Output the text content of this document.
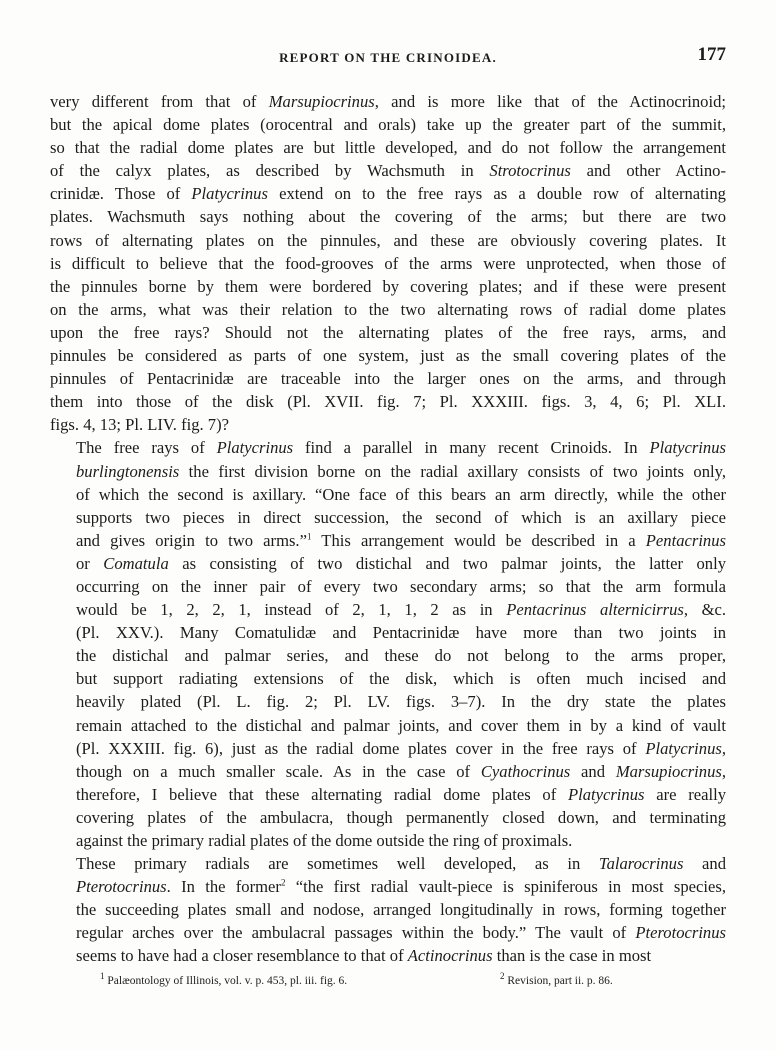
REPORT ON THE CRINOIDEA.	177

very different from that of Marsupiocrinus, and is more like that of the Actinocrinoid;
but the apical dome plates (orocentral and orals) take up the greater part of the summit,
so that the radial dome plates are but little developed, and do not follow the arrangement
of the calyx plates, as described by Wachsmuth in Strotocrinus and other Actino-
crinidæ. Those of Platycrinus extend on to the free rays as a double row of alternating
plates. Wachsmuth says nothing about the covering of the arms; but there are two
rows of alternating plates on the pinnules, and these are obviously covering plates. It
is difficult to believe that the food-grooves of the arms were unprotected, when those of
the pinnules borne by them were bordered by covering plates; and if these were present
on the arms, what was their relation to the two alternating rows of radial dome plates
upon the free rays? Should not the alternating plates of the free rays, arms, and
pinnules be considered as parts of one system, just as the small covering plates of the
pinnules of Pentacrinidæ are traceable into the larger ones on the arms, and through
them into those of the disk (Pl. XVII. fig. 7; Pl. XXXIII. figs. 3, 4, 6; Pl. XLI.
figs. 4, 13; Pl. LIV. fig. 7)?

The free rays of Platycrinus find a parallel in many recent Crinoids. In Platycrinus
burlingtonensis the first division borne on the radial axillary consists of two joints only,
of which the second is axillary. “One face of this bears an arm directly, while the other
supports two pieces in direct succession, the second of which is an axillary piece
and gives origin to two arms.”$^1$ This arrangement would be described in a Pentacrinus
or Comatula as consisting of two distichal and two palmar joints, the latter only
occurring on the inner pair of every two secondary arms; so that the arm formula
would be 1, 2, 2, 1, instead of 2, 1, 1, 2 as in Pentacrinus alternicirrus, &c.
(Pl. XXV.). Many Comatulidæ and Pentacrinidæ have more than two joints in
the distichal and palmar series, and these do not belong to the arms proper,
but support radiating extensions of the disk, which is often much incised and
heavily plated (Pl. L. fig. 2; Pl. LV. figs. 3–7). In the dry state the plates
remain attached to the distichal and palmar joints, and cover them in by a kind of vault
(Pl. XXXIII. fig. 6), just as the radial dome plates cover in the free rays of Platycrinus,
though on a much smaller scale. As in the case of Cyathocrinus and Marsupiocrinus,
therefore, I believe that these alternating radial dome plates of Platycrinus are really
covering plates of the ambulacra, though permanently closed down, and terminating
against the primary radial plates of the dome outside the ring of proximals.

These primary radials are sometimes well developed, as in Talarocrinus and
Pterotocrinus. In the former$^2$ “the first radial vault-piece is spiniferous in most species,
the succeeding plates small and nodose, arranged longitudinally in rows, forming together
regular arches over the ambulacral passages within the body.” The vault of Pterotocrinus
seems to have had a closer resemblance to that of Actinocrinus than is the case in most

$^1$ Palæontology of Illinois, vol. v. p. 453, pl. iii. fig. 6.	$^2$ Revision, part ii. p. 86.
